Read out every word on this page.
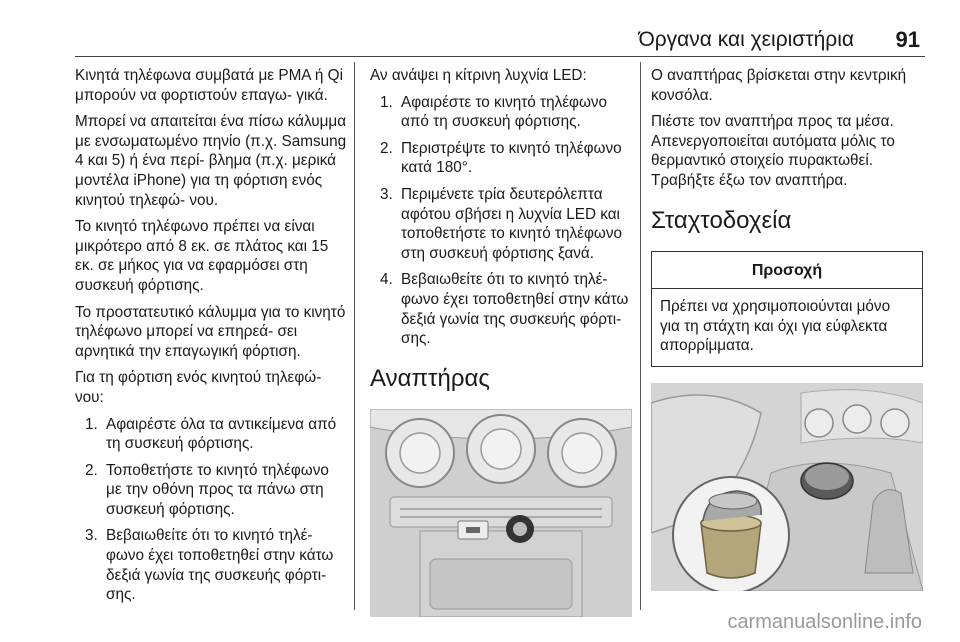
Όργανα και χειριστήρια 91

Κινητά τηλέφωνα συμβατά με PMA ή Qi μπορούν να φορτιστούν επαγω- γικά.

Μπορεί να απαιτείται ένα πίσω κάλυμμα με ενσωματωμένο πηνίο (π.χ. Samsung 4 και 5) ή ένα περί- βλημα (π.χ. μερικά μοντέλα iPhone) για τη φόρτιση ενός κινητού τηλεφώ- νου.

Το κινητό τηλέφωνο πρέπει να είναι μικρότερο από 8 εκ. σε πλάτος και 15 εκ. σε μήκος για να εφαρμόσει στη συσκευή φόρτισης.

Το προστατευτικό κάλυμμα για το κινητό τηλέφωνο μπορεί να επηρεά- σει αρνητικά την επαγωγική φόρτιση.

Για τη φόρτιση ενός κινητού τηλεφώ- νου:

1. Αφαιρέστε όλα τα αντικείμενα από τη συσκευή φόρτισης.
2. Τοποθετήστε το κινητό τηλέφωνο με την οθόνη προς τα πάνω στη συσκευή φόρτισης.
3. Βεβαιωθείτε ότι το κινητό τηλέ- φωνο έχει τοποθετηθεί στην κάτω δεξιά γωνία της συσκευής φόρτι- σης.

Αν ανάψει η κίτρινη λυχνία LED:

1. Αφαιρέστε το κινητό τηλέφωνο από τη συσκευή φόρτισης.
2. Περιστρέψτε το κινητό τηλέφωνο κατά 180°.
3. Περιμένετε τρία δευτερόλεπτα αφότου σβήσει η λυχνία LED και τοποθετήστε το κινητό τηλέφωνο στη συσκευή φόρτισης ξανά.
4. Βεβαιωθείτε ότι το κινητό τηλέ- φωνο έχει τοποθετηθεί στην κάτω δεξιά γωνία της συσκευής φόρτι- σης.
Αναπτήρας

Ο αναπτήρας βρίσκεται στην κεντρική κονσόλα.

Πιέστε τον αναπτήρα προς τα μέσα. Απενεργοποιείται αυτόματα μόλις το θερμαντικό στοιχείο πυρακτωθεί. Τραβήξτε έξω τον αναπτήρα.

Σταχτοδοχεία
Προσοχή
Πρέπει να χρησιμοποιούνται μόνο για τη στάχτη και όχι για εύφλεκτα απορρίμματα.
carmanualsonline.info
